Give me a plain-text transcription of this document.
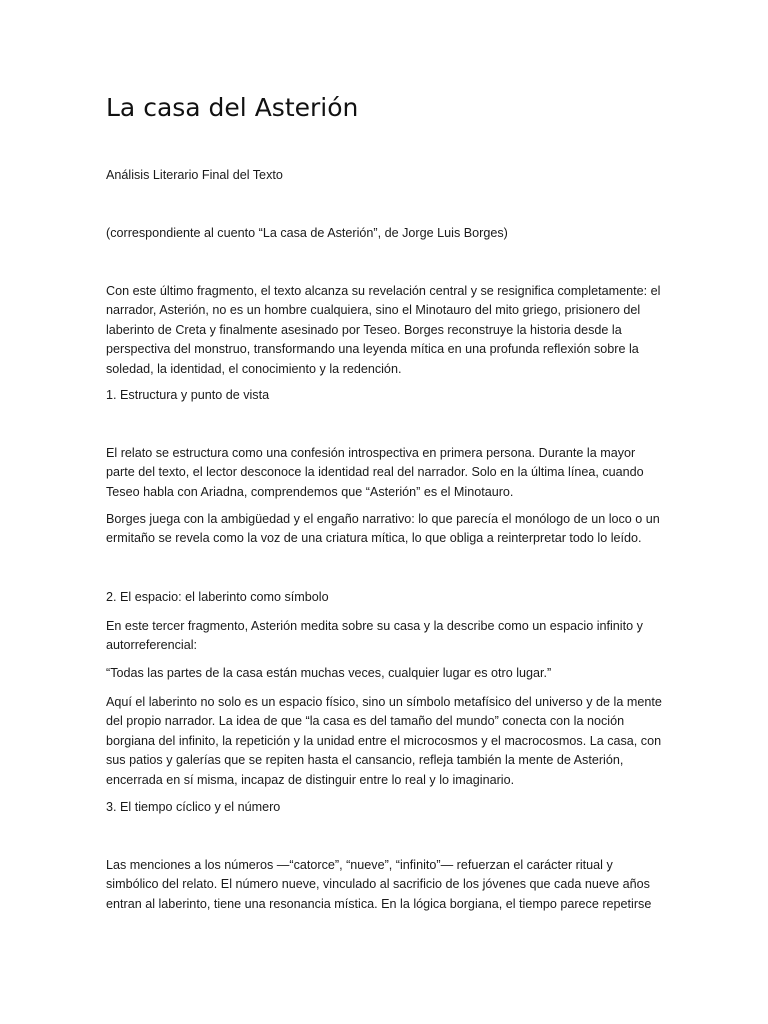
La casa del Asterión

Análisis Literario Final del Texto

(correspondiente al cuento “La casa de Asterión”, de Jorge Luis Borges)

Con este último fragmento, el texto alcanza su revelación central y se resignifica completamente: el narrador, Asterión, no es un hombre cualquiera, sino el Minotauro del mito griego, prisionero del laberinto de Creta y finalmente asesinado por Teseo. Borges reconstruye la historia desde la perspectiva del monstruo, transformando una leyenda mítica en una profunda reflexión sobre la soledad, la identidad, el conocimiento y la redención.

1. Estructura y punto de vista

El relato se estructura como una confesión introspectiva en primera persona. Durante la mayor parte del texto, el lector desconoce la identidad real del narrador. Solo en la última línea, cuando Teseo habla con Ariadna, comprendemos que “Asterión” es el Minotauro.

Borges juega con la ambigüedad y el engaño narrativo: lo que parecía el monólogo de un loco o un ermitaño se revela como la voz de una criatura mítica, lo que obliga a reinterpretar todo lo leído.

2. El espacio: el laberinto como símbolo

En este tercer fragmento, Asterión medita sobre su casa y la describe como un espacio infinito y autorreferencial:

“Todas las partes de la casa están muchas veces, cualquier lugar es otro lugar.”

Aquí el laberinto no solo es un espacio físico, sino un símbolo metafísico del universo y de la mente del propio narrador. La idea de que “la casa es del tamaño del mundo” conecta con la noción borgiana del infinito, la repetición y la unidad entre el microcosmos y el macrocosmos. La casa, con sus patios y galerías que se repiten hasta el cansancio, refleja también la mente de Asterión, encerrada en sí misma, incapaz de distinguir entre lo real y lo imaginario.

3. El tiempo cíclico y el número

Las menciones a los números —“catorce”, “nueve”, “infinito”— refuerzan el carácter ritual y simbólico del relato. El número nueve, vinculado al sacrificio de los jóvenes que cada nueve años entran al laberinto, tiene una resonancia mística. En la lógica borgiana, el tiempo parece repetirse
